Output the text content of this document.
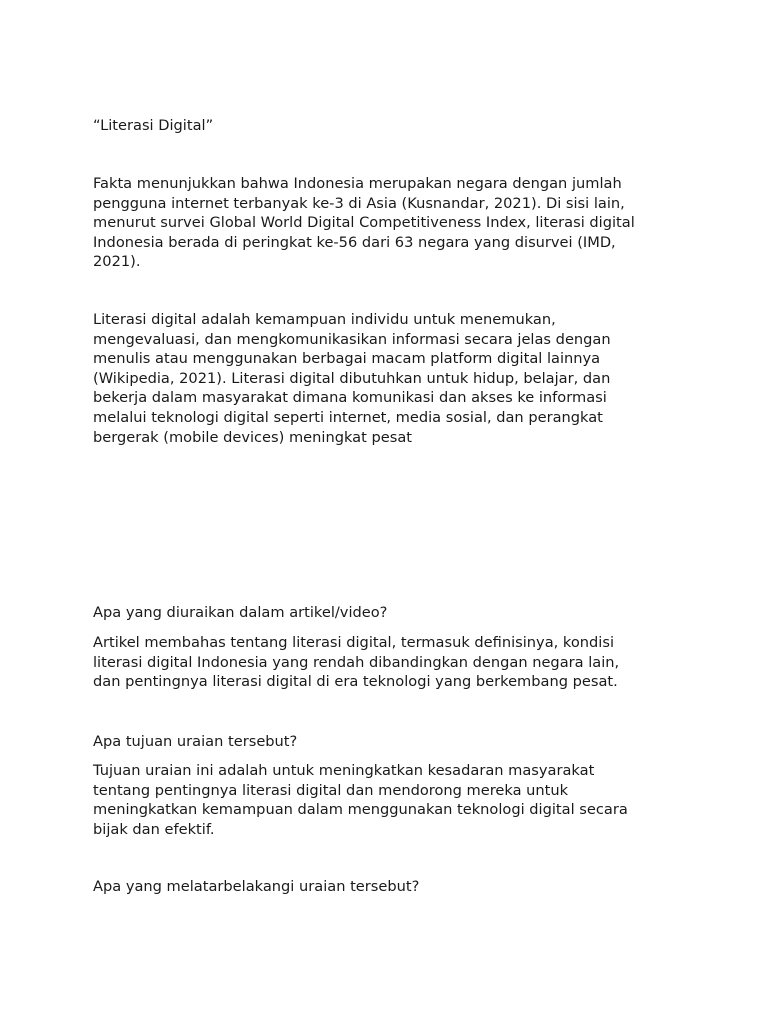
“Literasi Digital”

Fakta menunjukkan bahwa Indonesia merupakan negara dengan jumlah
pengguna internet terbanyak ke-3 di Asia (Kusnandar, 2021). Di sisi lain,
menurut survei Global World Digital Competitiveness Index, literasi digital
Indonesia berada di peringkat ke-56 dari 63 negara yang disurvei (IMD,
2021).

Literasi digital adalah kemampuan individu untuk menemukan,
mengevaluasi, dan mengkomunikasikan informasi secara jelas dengan
menulis atau menggunakan berbagai macam platform digital lainnya
(Wikipedia, 2021). Literasi digital dibutuhkan untuk hidup, belajar, dan
bekerja dalam masyarakat dimana komunikasi dan akses ke informasi
melalui teknologi digital seperti internet, media sosial, dan perangkat
bergerak (mobile devices) meningkat pesat

Apa yang diuraikan dalam artikel/video?

Artikel membahas tentang literasi digital, termasuk definisinya, kondisi
literasi digital Indonesia yang rendah dibandingkan dengan negara lain,
dan pentingnya literasi digital di era teknologi yang berkembang pesat.

Apa tujuan uraian tersebut?

Tujuan uraian ini adalah untuk meningkatkan kesadaran masyarakat
tentang pentingnya literasi digital dan mendorong mereka untuk
meningkatkan kemampuan dalam menggunakan teknologi digital secara
bijak dan efektif.

Apa yang melatarbelakangi uraian tersebut?
